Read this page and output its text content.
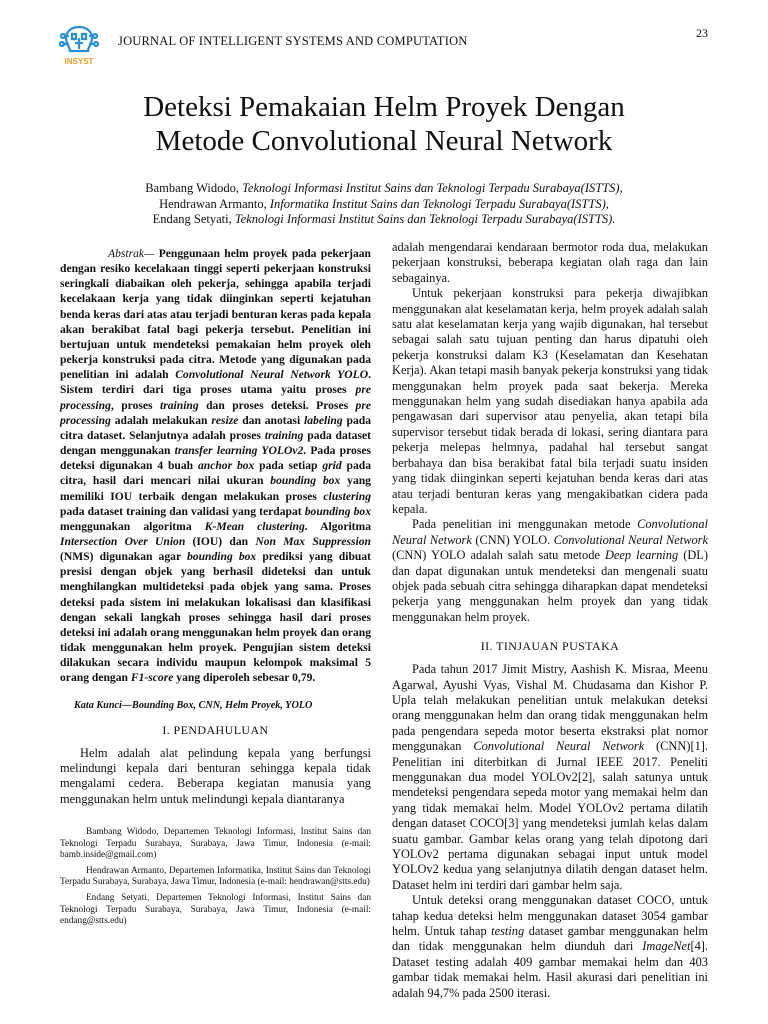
23
INSYST
JOURNAL OF INTELLIGENT SYSTEMS AND COMPUTATION
Deteksi Pemakaian Helm Proyek Dengan
Metode Convolutional Neural Network
Bambang Widodo, Teknologi Informasi Institut Sains dan Teknologi Terpadu Surabaya(ISTTS),
Hendrawan Armanto, Informatika Institut Sains dan Teknologi Terpadu Surabaya(ISTTS),
Endang Setyati, Teknologi Informasi Institut Sains dan Teknologi Terpadu Surabaya(ISTTS).

Abstrak— Penggunaan helm proyek pada pekerjaan dengan resiko kecelakaan tinggi seperti pekerjaan konstruksi seringkali diabaikan oleh pekerja, sehingga apabila terjadi kecelakaan kerja yang tidak diinginkan seperti kejatuhan benda keras dari atas atau terjadi benturan keras pada kepala akan berakibat fatal bagi pekerja tersebut. Penelitian ini bertujuan untuk mendeteksi pemakaian helm proyek oleh pekerja konstruksi pada citra. Metode yang digunakan pada penelitian ini adalah Convolutional Neural Network YOLO. Sistem terdiri dari tiga proses utama yaitu proses pre processing, proses training dan proses deteksi. Proses pre processing adalah melakukan resize dan anotasi labeling pada citra dataset. Selanjutnya adalah proses training pada dataset dengan menggunakan transfer learning YOLOv2. Pada proses deteksi digunakan 4 buah anchor box pada setiap grid pada citra, hasil dari mencari nilai ukuran bounding box yang memiliki IOU terbaik dengan melakukan proses clustering pada dataset training dan validasi yang terdapat bounding box menggunakan algoritma K-Mean clustering. Algoritma Intersection Over Union (IOU) dan Non Max Suppression (NMS) digunakan agar bounding box prediksi yang dibuat presisi dengan objek yang berhasil dideteksi dan untuk menghilangkan multideteksi pada objek yang sama. Proses deteksi pada sistem ini melakukan lokalisasi dan klasifikasi dengan sekali langkah proses sehingga hasil dari proses deteksi ini adalah orang menggunakan helm proyek dan orang tidak menggunakan helm proyek. Pengujian sistem deteksi dilakukan secara individu maupun kelompok maksimal 5 orang dengan F1-score yang diperoleh sebesar 0,79.

Kata Kunci—Bounding Box, CNN, Helm Proyek, YOLO
I. PENDAHULUAN

Helm adalah alat pelindung kepala yang berfungsi melindungi kepala dari benturan sehingga kepala tidak mengalami cedera. Beberapa kegiatan manusia yang menggunakan helm untuk melindungi kepala diantaranya

Bambang Widodo, Departemen Teknologi Informasi, Institut Sains dan Teknologi Terpadu Surabaya, Surabaya, Jawa Timur, Indonesia (e-mail: bamb.inside@gmail.com)

Hendrawan Armanto, Departemen Informatika, Institut Sains dan Teknologi Terpadu Surabaya, Surabaya, Jawa Timur, Indonesia (e-mail: hendrawan@stts.edu)

Endang Setyati, Departemen Teknologi Informasi, Institut Sains dan Teknologi Terpadu Surabaya, Surabaya, Jawa Timur, Indonesia (e-mail: endang@stts.edu)

adalah mengendarai kendaraan bermotor roda dua, melakukan pekerjaan konstruksi, beberapa kegiatan olah raga dan lain sebagainya.

Untuk pekerjaan konstruksi para pekerja diwajibkan menggunakan alat keselamatan kerja, helm proyek adalah salah satu alat keselamatan kerja yang wajib digunakan, hal tersebut sebagai salah satu tujuan penting dan harus dipatuhi oleh pekerja konstruksi dalam K3 (Keselamatan dan Kesehatan Kerja). Akan tetapi masih banyak pekerja konstruksi yang tidak menggunakan helm proyek pada saat bekerja. Mereka menggunakan helm yang sudah disediakan hanya apabila ada pengawasan dari supervisor atau penyelia, akan tetapi bila supervisor tersebut tidak berada di lokasi, sering diantara para pekerja melepas helmnya, padahal hal tersebut sangat berbahaya dan bisa berakibat fatal bila terjadi suatu insiden yang tidak diinginkan seperti kejatuhan benda keras dari atas atau terjadi benturan keras yang mengakibatkan cidera pada kepala.

Pada penelitian ini menggunakan metode Convolutional Neural Network (CNN) YOLO. Convolutional Neural Network (CNN) YOLO adalah salah satu metode Deep learning (DL) dan dapat digunakan untuk mendeteksi dan mengenali suatu objek pada sebuah citra sehingga diharapkan dapat mendeteksi pekerja yang menggunakan helm proyek dan yang tidak menggunakan helm proyek.

II. TINJAUAN PUSTAKA

Pada tahun 2017 Jimit Mistry, Aashish K. Misraa, Meenu Agarwal, Ayushi Vyas, Vishal M. Chudasama dan Kishor P. Upla telah melakukan penelitian untuk melakukan deteksi orang menggunakan helm dan orang tidak menggunakan helm pada pengendara sepeda motor beserta ekstraksi plat nomor menggunakan Convolutional Neural Network (CNN)[1]. Penelitian ini diterbitkan di Jurnal IEEE 2017. Peneliti menggunakan dua model YOLOv2[2], salah satunya untuk mendeteksi pengendara sepeda motor yang memakai helm dan yang tidak memakai helm. Model YOLOv2 pertama dilatih dengan dataset COCO[3] yang mendeteksi jumlah kelas dalam suatu gambar. Gambar kelas orang yang telah dipotong dari YOLOv2 pertama digunakan sebagai input untuk model YOLOv2 kedua yang selanjutnya dilatih dengan dataset helm. Dataset helm ini terdiri dari gambar helm saja.

Untuk deteksi orang menggunakan dataset COCO, untuk tahap kedua deteksi helm menggunakan dataset 3054 gambar helm. Untuk tahap testing dataset gambar menggunakan helm dan tidak menggunakan helm diunduh dari ImageNet[4]. Dataset testing adalah 409 gambar memakai helm dan 403 gambar tidak memakai helm. Hasil akurasi dari penelitian ini adalah 94,7% pada 2500 iterasi.
